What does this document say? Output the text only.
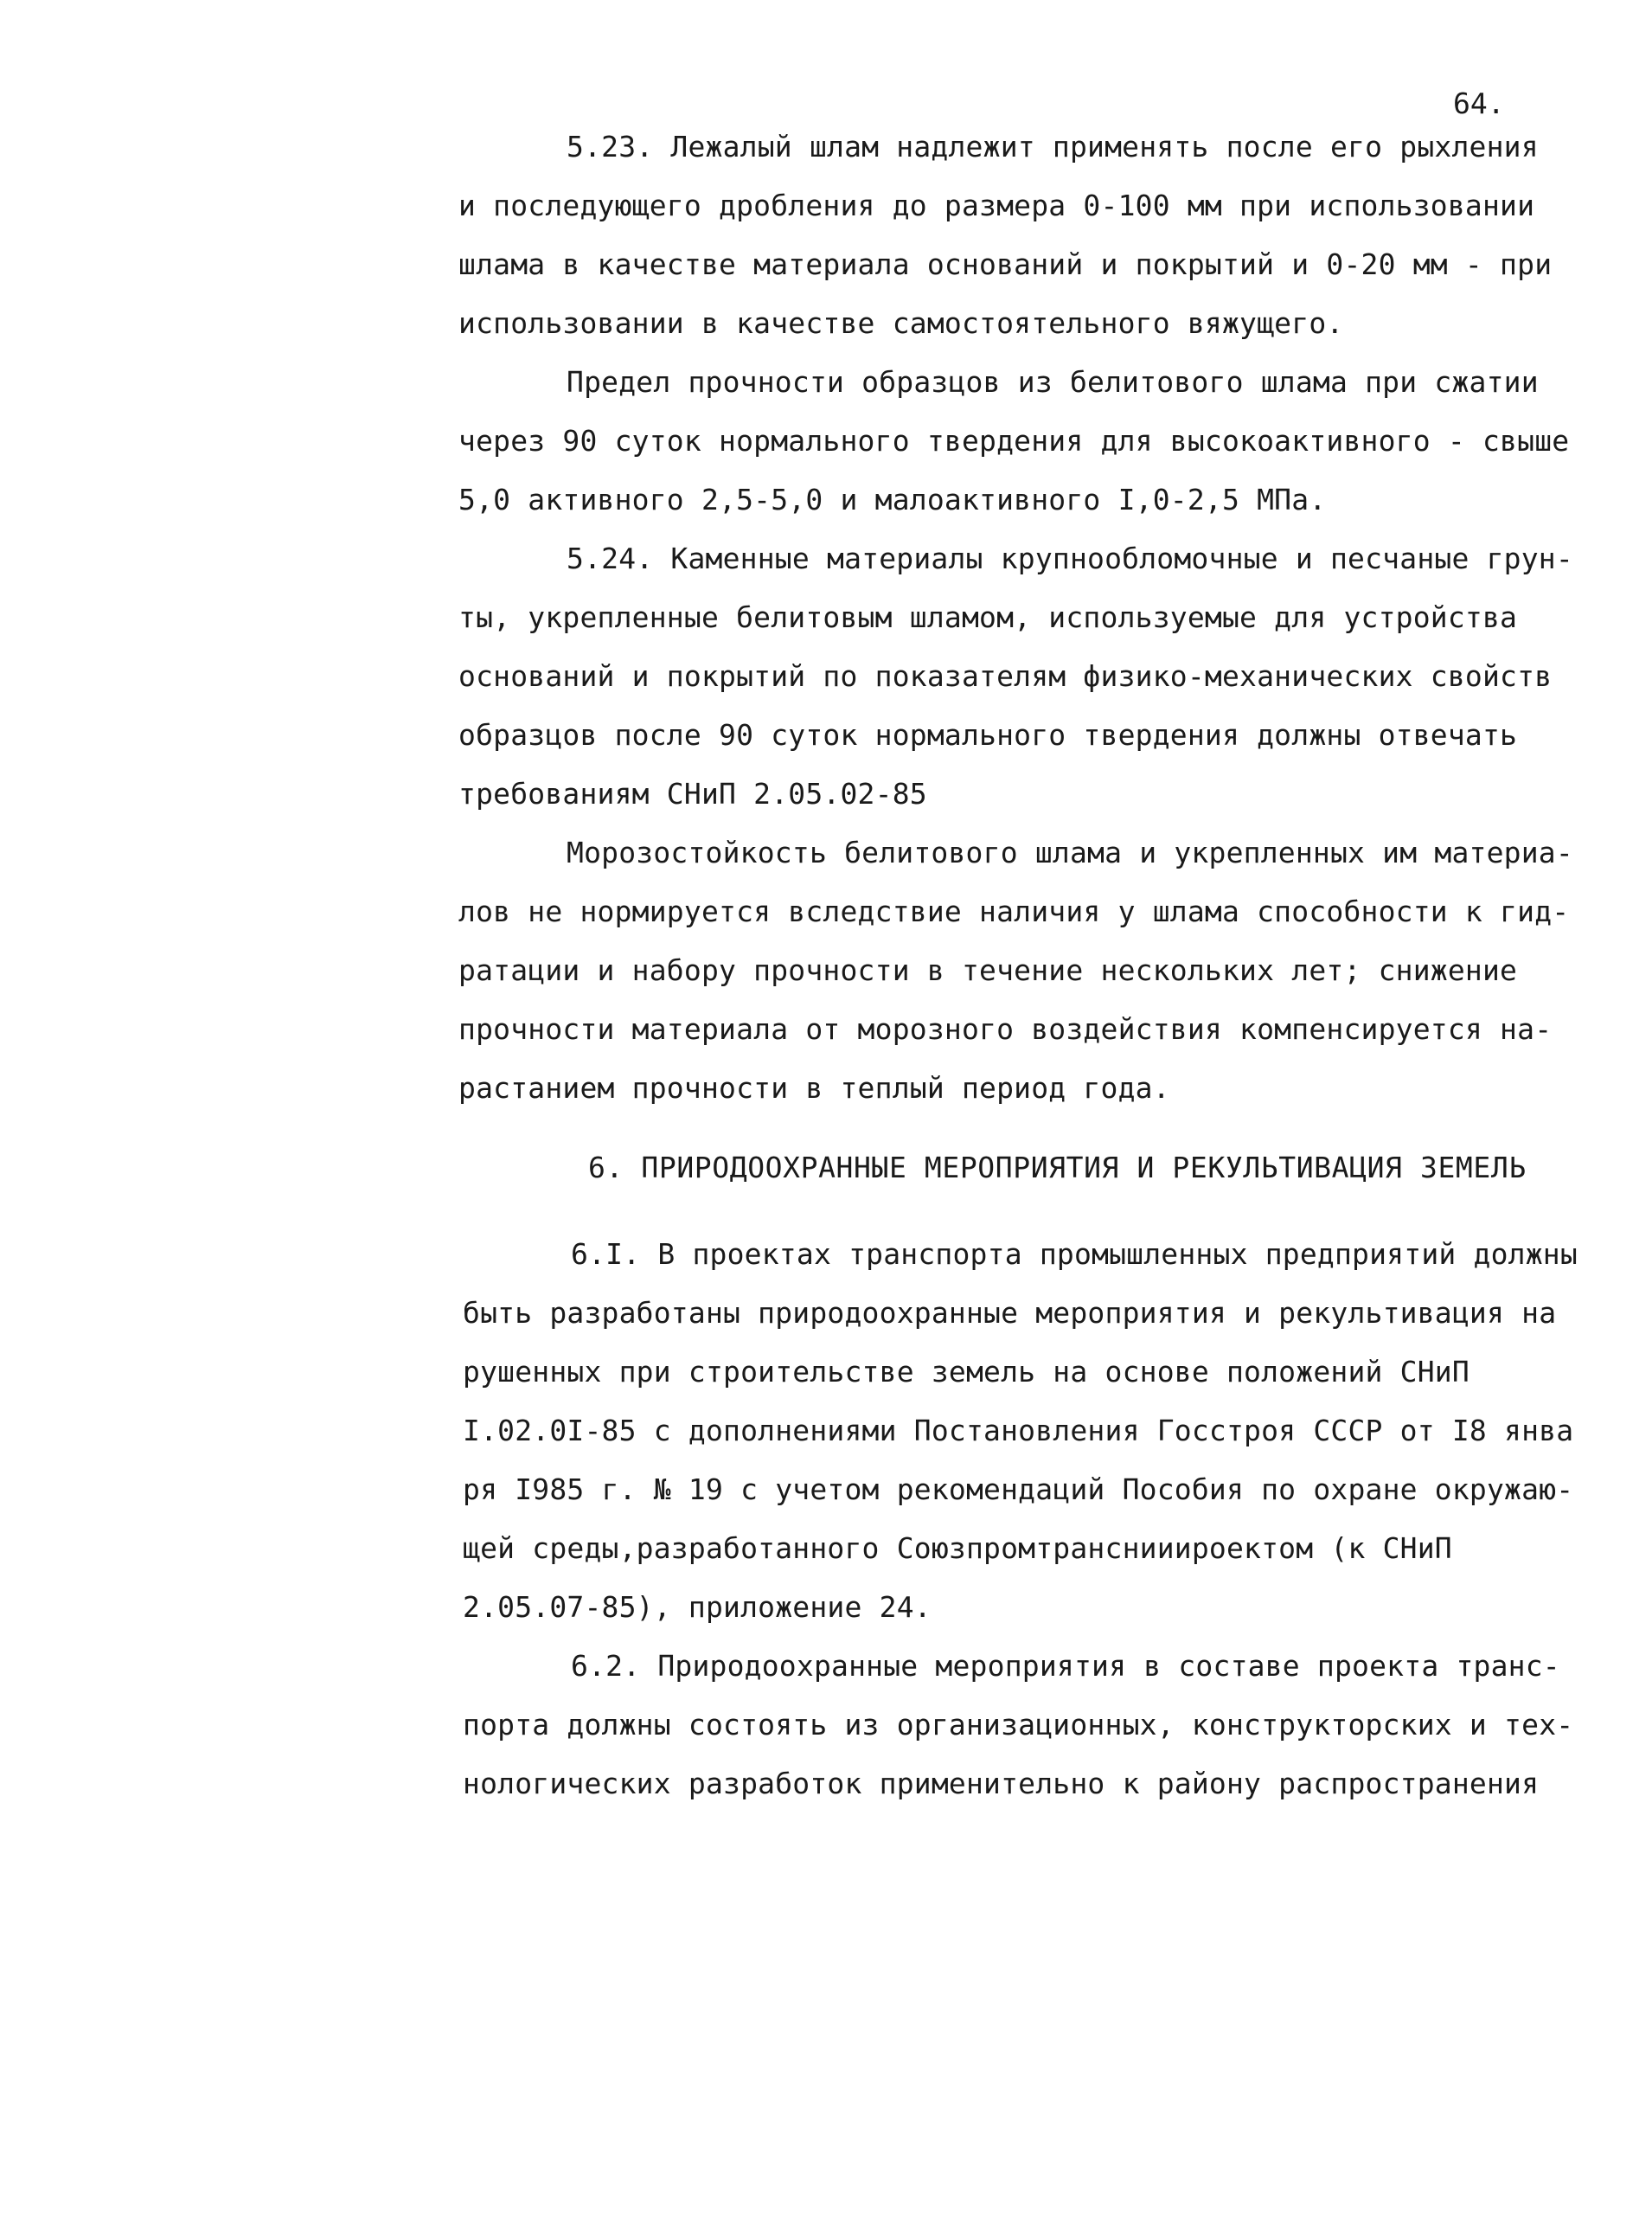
64.
5.23. Лежалый шлам надлежит применять после его рыхления
и последующего дробления до размера 0-100 мм при использовании
шлама в качестве материала оснований и покрытий и 0-20 мм - при
использовании в качестве самостоятельного вяжущего.
Предел прочности образцов из белитового шлама при сжатии
через 90 суток нормального твердения для высокоактивного - свыше
5,0 активного 2,5-5,0 и малоактивного I,0-2,5 МПа.
5.24. Каменные материалы крупнообломочные и песчаные грун-
ты, укрепленные белитовым шламом, используемые для устройства
оснований и покрытий по показателям физико-механических свойств
образцов после 90 суток нормального твердения должны отвечать
требованиям СНиП 2.05.02-85
Морозостойкость белитового шлама и укрепленных им материа-
лов не нормируется вследствие наличия у шлама способности к гид-
ратации и набору прочности в течение нескольких лет; снижение
прочности материала от морозного воздействия компенсируется на-
растанием прочности в теплый период года.
6. ПРИРОДООХРАННЫЕ МЕРОПРИЯТИЯ И РЕКУЛЬТИВАЦИЯ ЗЕМЕЛЬ
6.I. В проектах транспорта промышленных предприятий должны
быть разработаны природоохранные мероприятия и рекультивация на
рушенных при строительстве земель на основе положений СНиП
I.02.0I-85 с дополнениями Постановления Госстроя СССР от I8 янва
ря I985 г. № 19 с учетом рекомендаций Пособия по охране окружаю-
щей среды,разработанного Союзпромтранснииироектом (к СНиП
2.05.07-85), приложение 24.
6.2. Природоохранные мероприятия в составе проекта транс-
порта должны состоять из организационных, конструкторских и тех-
нологических разработок применительно к району распространения
